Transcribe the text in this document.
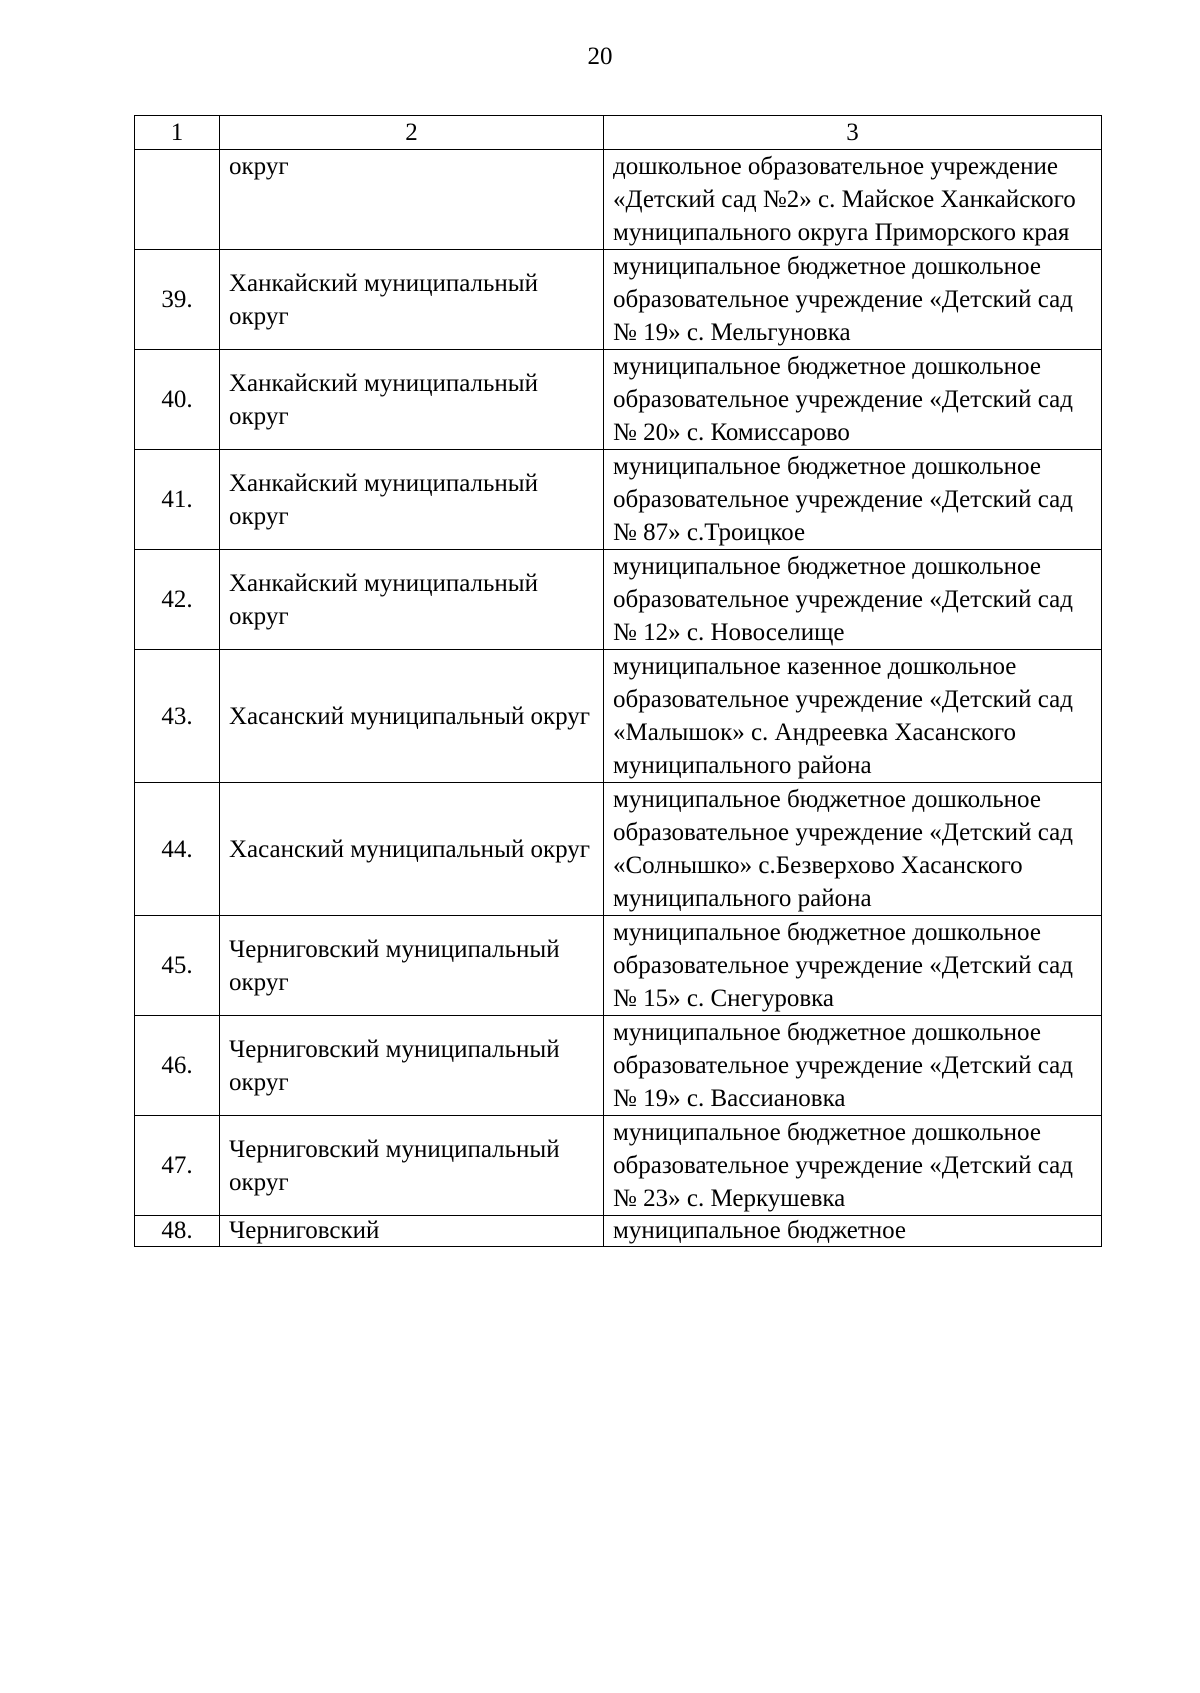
20
1	2	3
	округ	дошкольное образовательное учреждение «Детский сад №2» с. Майское Ханкайского муниципального округа Приморского края
39.	Ханкайский муниципальный округ	муниципальное бюджетное дошкольное образовательное учреждение «Детский сад № 19» с. Мельгуновка
40.	Ханкайский муниципальный округ	муниципальное бюджетное дошкольное образовательное учреждение «Детский сад № 20» с. Комиссарово
41.	Ханкайский муниципальный округ	муниципальное бюджетное дошкольное образовательное учреждение «Детский сад № 87» с.Троицкое
42.	Ханкайский муниципальный округ	муниципальное бюджетное дошкольное образовательное учреждение «Детский сад № 12» с. Новоселище
43.	Хасанский муниципальный округ	муниципальное казенное дошкольное образовательное учреждение «Детский сад «Малышок» с. Андреевка Хасанского муниципального района
44.	Хасанский муниципальный округ	муниципальное бюджетное дошкольное образовательное учреждение «Детский сад «Солнышко» с.Безверхово Хасанского муниципального района
45.	Черниговский муниципальный округ	муниципальное бюджетное дошкольное образовательное учреждение «Детский сад № 15» с. Снегуровка
46.	Черниговский муниципальный округ	муниципальное бюджетное дошкольное образовательное учреждение «Детский сад № 19» с. Вассиановка
47.	Черниговский муниципальный округ	муниципальное бюджетное дошкольное образовательное учреждение «Детский сад № 23» с. Меркушевка
48.	Черниговский	муниципальное бюджетное
